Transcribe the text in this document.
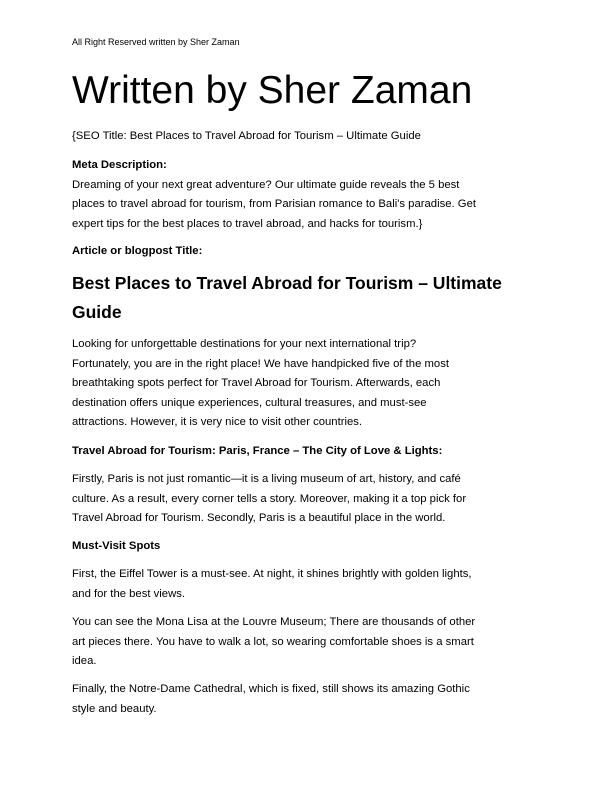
All Right Reserved written by Sher Zaman
Written by Sher Zaman
{SEO Title: Best Places to Travel Abroad for Tourism – Ultimate Guide
Meta Description:
Dreaming of your next great adventure? Our ultimate guide reveals the 5 best
places to travel abroad for tourism, from Parisian romance to Bali's paradise. Get
expert tips for the best places to travel abroad, and hacks for tourism.}
Article or blogpost Title:
Best Places to Travel Abroad for Tourism – Ultimate
Guide
Looking for unforgettable destinations for your next international trip?
Fortunately, you are in the right place! We have handpicked five of the most
breathtaking spots perfect for Travel Abroad for Tourism. Afterwards, each
destination offers unique experiences, cultural treasures, and must-see
attractions. However, it is very nice to visit other countries.
Travel Abroad for Tourism: Paris, France – The City of Love & Lights:
Firstly, Paris is not just romantic—it is a living museum of art, history, and café
culture. As a result, every corner tells a story. Moreover, making it a top pick for
Travel Abroad for Tourism. Secondly, Paris is a beautiful place in the world.
Must-Visit Spots
First, the Eiffel Tower is a must-see. At night, it shines brightly with golden lights,
and for the best views.
You can see the Mona Lisa at the Louvre Museum; There are thousands of other
art pieces there. You have to walk a lot, so wearing comfortable shoes is a smart
idea.
Finally, the Notre-Dame Cathedral, which is fixed, still shows its amazing Gothic
style and beauty.
